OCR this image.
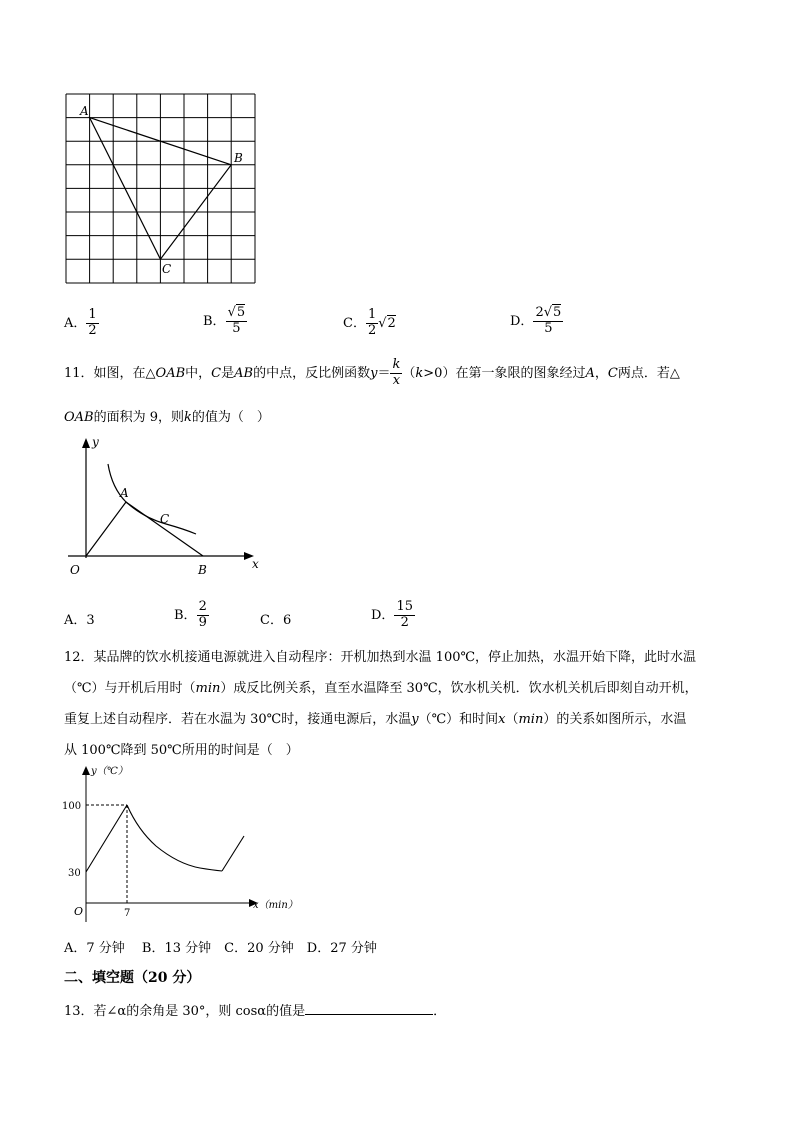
A
B
C
A． $\frac{1}{2}$	B． $\frac{√5}{5}$	C． $\frac{1}{2} √2$	D． $\frac{2√5}{5}$
11．如图，在△OAB中，C是AB的中点，反比例函数$y= \frac{k}{x} (k>0)$在第一象限的图象经过A，C两点．若△
OAB的面积为 9，则k的值为（　）
y
x
O
A
C
B
A．3	B． $\frac{2}{9}$	C．6	D． $\frac{15}{2}$
12．某品牌的饮水机接通电源就进入自动程序：开机加热到水温 100℃，停止加热，水温开始下降，此时水温
（℃）与开机后用时（min）成反比例关系，直至水温降至 30℃，饮水机关机．饮水机关机后即刻自动开机，
重复上述自动程序．若在水温为 30℃时，接通电源后，水温y（℃）和时间x（min）的关系如图所示，水温
从 100℃降到 50℃所用的时间是（　）
y（℃）
100
30
O	7
x（min）
A．7 分钟　 B．13 分钟　C．20 分钟　D．27 分钟
二、填空题（20 分）
13．若∠α的余角是 30°，则 cosα的值是	．
